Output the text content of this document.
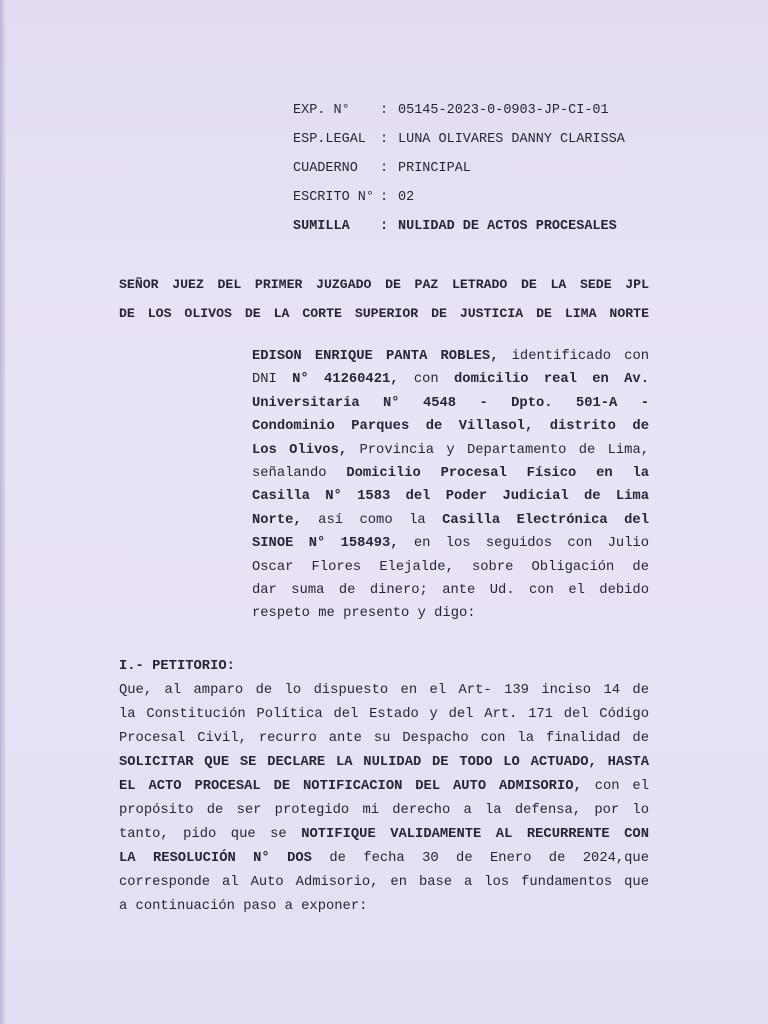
EXP. N°	: 05145-2023-0-0903-JP-CI-01
ESP.LEGAL	: LUNA OLIVARES DANNY CLARISSA
CUADERNO	: PRINCIPAL
ESCRITO N° : 02
SUMILLA	: NULIDAD DE ACTOS PROCESALES
SEÑOR JUEZ DEL PRIMER JUZGADO DE PAZ LETRADO DE LA SEDE JPL
DE LOS OLIVOS DE LA CORTE SUPERIOR DE JUSTICIA DE LIMA NORTE
EDISON ENRIQUE PANTA ROBLES, identificado con
DNI N° 41260421, con domicilio real en Av.
Universitaria N° 4548 - Dpto. 501-A -
Condominio Parques de Villasol, distrito de
Los Olivos, Provincia y Departamento de Lima,
señalando Domicilio Procesal Físico en la
Casilla N° 1583 del Poder Judicial de Lima
Norte, así como la Casilla Electrónica del
SINOE N° 158493, en los seguidos con Julio
Oscar Flores Elejalde, sobre Obligación de
dar suma de dinero; ante Ud. con el debido
respeto me presento y digo:
I.- PETITORIO:
Que, al amparo de lo dispuesto en el Art- 139 inciso 14 de
la Constitución Política del Estado y del Art. 171 del Código
Procesal Civil, recurro ante su Despacho con la finalidad de
SOLICITAR QUE SE DECLARE LA NULIDAD DE TODO LO ACTUADO, HASTA
EL ACTO PROCESAL DE NOTIFICACION DEL AUTO ADMISORIO, con el
propósito de ser protegido mi derecho a la defensa, por lo
tanto, pido que se NOTIFIQUE VALIDAMENTE AL RECURRENTE CON
LA RESOLUCIÓN N° DOS de fecha 30 de Enero de 2024,que
corresponde al Auto Admisorio, en base a los fundamentos que
a continuación paso a exponer:
